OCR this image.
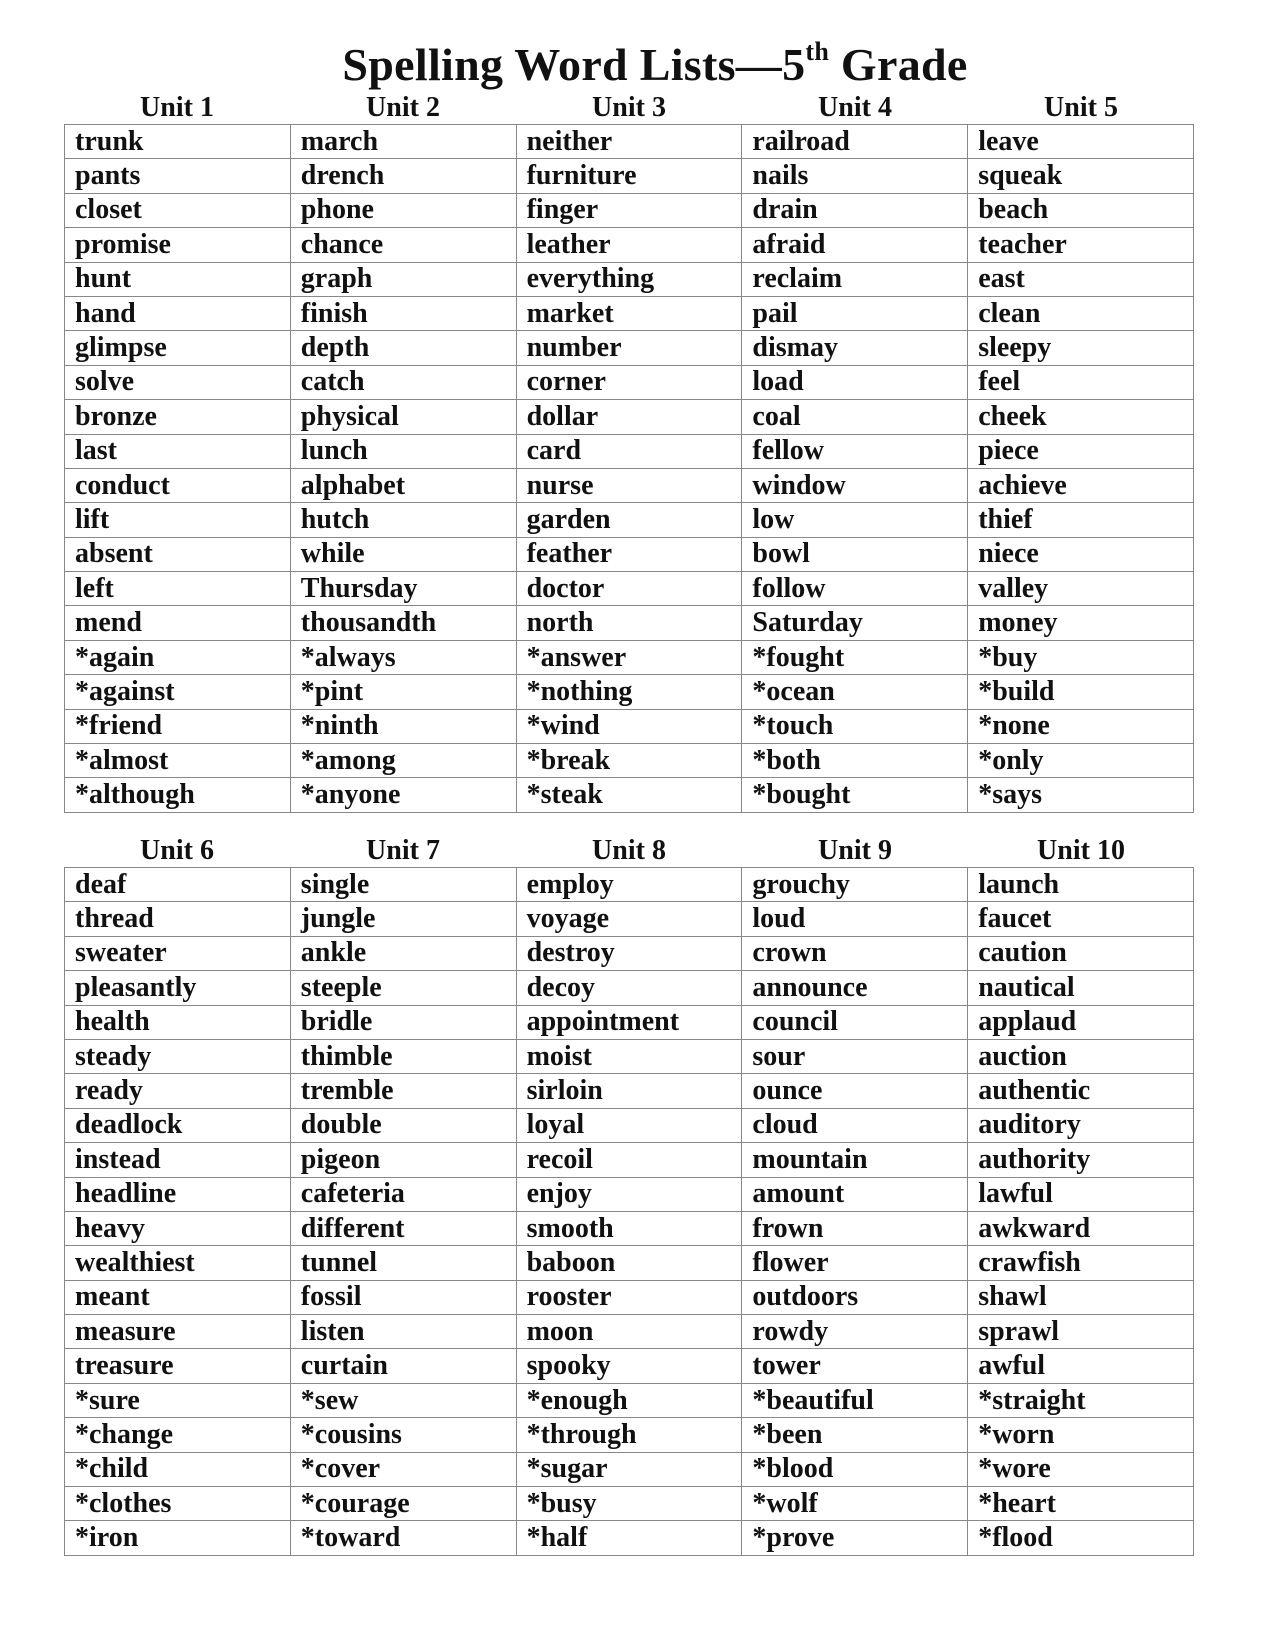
Spelling Word Lists—5th Grade
Unit 1	Unit 2	Unit 3	Unit 4	Unit 5
trunk	march	neither	railroad	leave
pants	drench	furniture	nails	squeak
closet	phone	finger	drain	beach
promise	chance	leather	afraid	teacher
hunt	graph	everything	reclaim	east
hand	finish	market	pail	clean
glimpse	depth	number	dismay	sleepy
solve	catch	corner	load	feel
bronze	physical	dollar	coal	cheek
last	lunch	card	fellow	piece
conduct	alphabet	nurse	window	achieve
lift	hutch	garden	low	thief
absent	while	feather	bowl	niece
left	Thursday	doctor	follow	valley
mend	thousandth	north	Saturday	money
*again	*always	*answer	*fought	*buy
*against	*pint	*nothing	*ocean	*build
*friend	*ninth	*wind	*touch	*none
*almost	*among	*break	*both	*only
*although	*anyone	*steak	*bought	*says
Unit 6	Unit 7	Unit 8	Unit 9	Unit 10
deaf	single	employ	grouchy	launch
thread	jungle	voyage	loud	faucet
sweater	ankle	destroy	crown	caution
pleasantly	steeple	decoy	announce	nautical
health	bridle	appointment	council	applaud
steady	thimble	moist	sour	auction
ready	tremble	sirloin	ounce	authentic
deadlock	double	loyal	cloud	auditory
instead	pigeon	recoil	mountain	authority
headline	cafeteria	enjoy	amount	lawful
heavy	different	smooth	frown	awkward
wealthiest	tunnel	baboon	flower	crawfish
meant	fossil	rooster	outdoors	shawl
measure	listen	moon	rowdy	sprawl
treasure	curtain	spooky	tower	awful
*sure	*sew	*enough	*beautiful	*straight
*change	*cousins	*through	*been	*worn
*child	*cover	*sugar	*blood	*wore
*clothes	*courage	*busy	*wolf	*heart
*iron	*toward	*half	*prove	*flood
